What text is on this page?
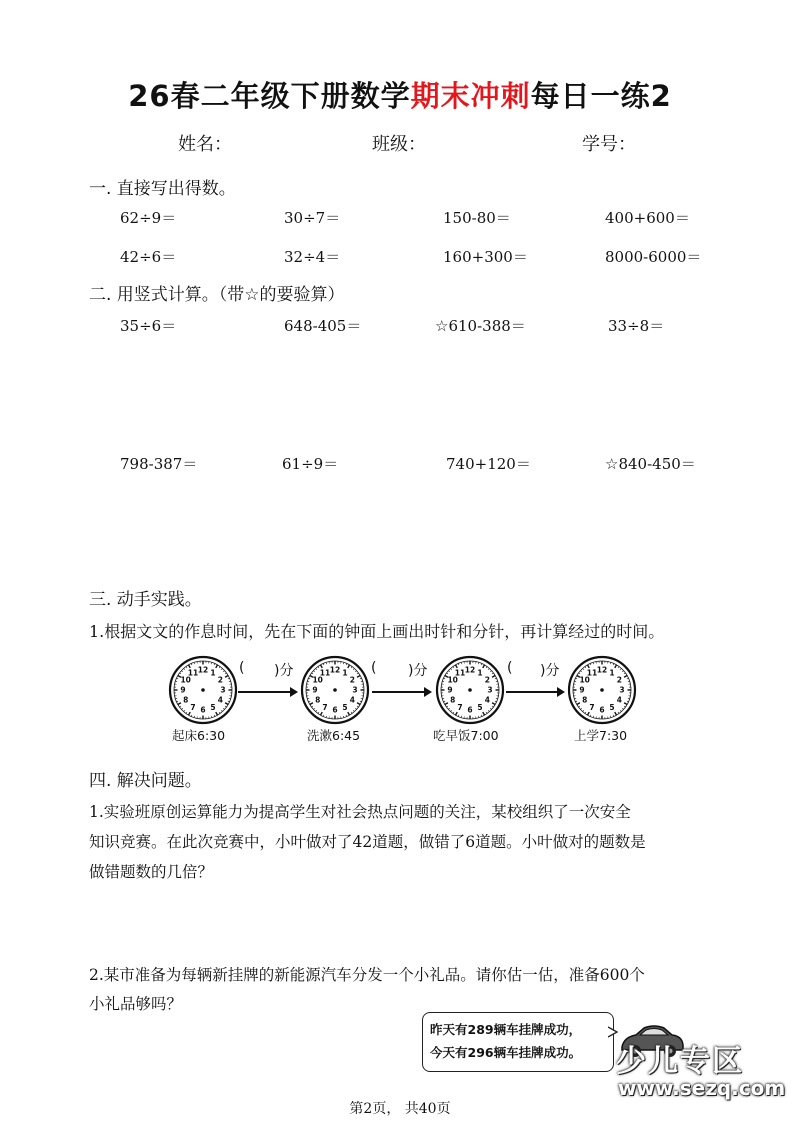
26春二年级下册数学期末冲刺每日一练2
姓名：	班级：	学号：
一. 直接写出得数。
62÷9＝	30÷7＝	150-80＝	400+600＝
42÷6＝	32÷4＝	160+300＝	8000-6000＝
二. 用竖式计算。（带☆的要验算）
35÷6＝	648-405＝	☆610-388＝	33÷8＝
798-387＝	61÷9＝	740+120＝	☆840-450＝
三. 动手实践。
1.根据文文的作息时间，先在下面的钟面上画出时针和分针，再计算经过的时间。
12 1
2
3
4
5
6
7
8
9
10
11	12 1
2
3
4
5
6
7
8
9
10
11	12 1
2
3
4
5
6
7
8
9
10
11	12 1
2
3
4
5
6
7
8
9
10
11
( )分	( )分	( )分
起床6:30	洗漱6:45	吃早饭7:00	上学7:30
四. 解决问题。
1.实验班原创运算能力为提高学生对社会热点问题的关注，某校组织了一次安全
知识竞赛。在此次竞赛中，小叶做对了42道题，做错了6道题。小叶做对的题数是
做错题数的几倍？
2.某市准备为每辆新挂牌的新能源汽车分发一个小礼品。请你估一估，准备600个
小礼品够吗？
昨天有289辆车挂牌成功，
今天有296辆车挂牌成功。	少儿专区
www.sezq.com
第2页， 共40页
